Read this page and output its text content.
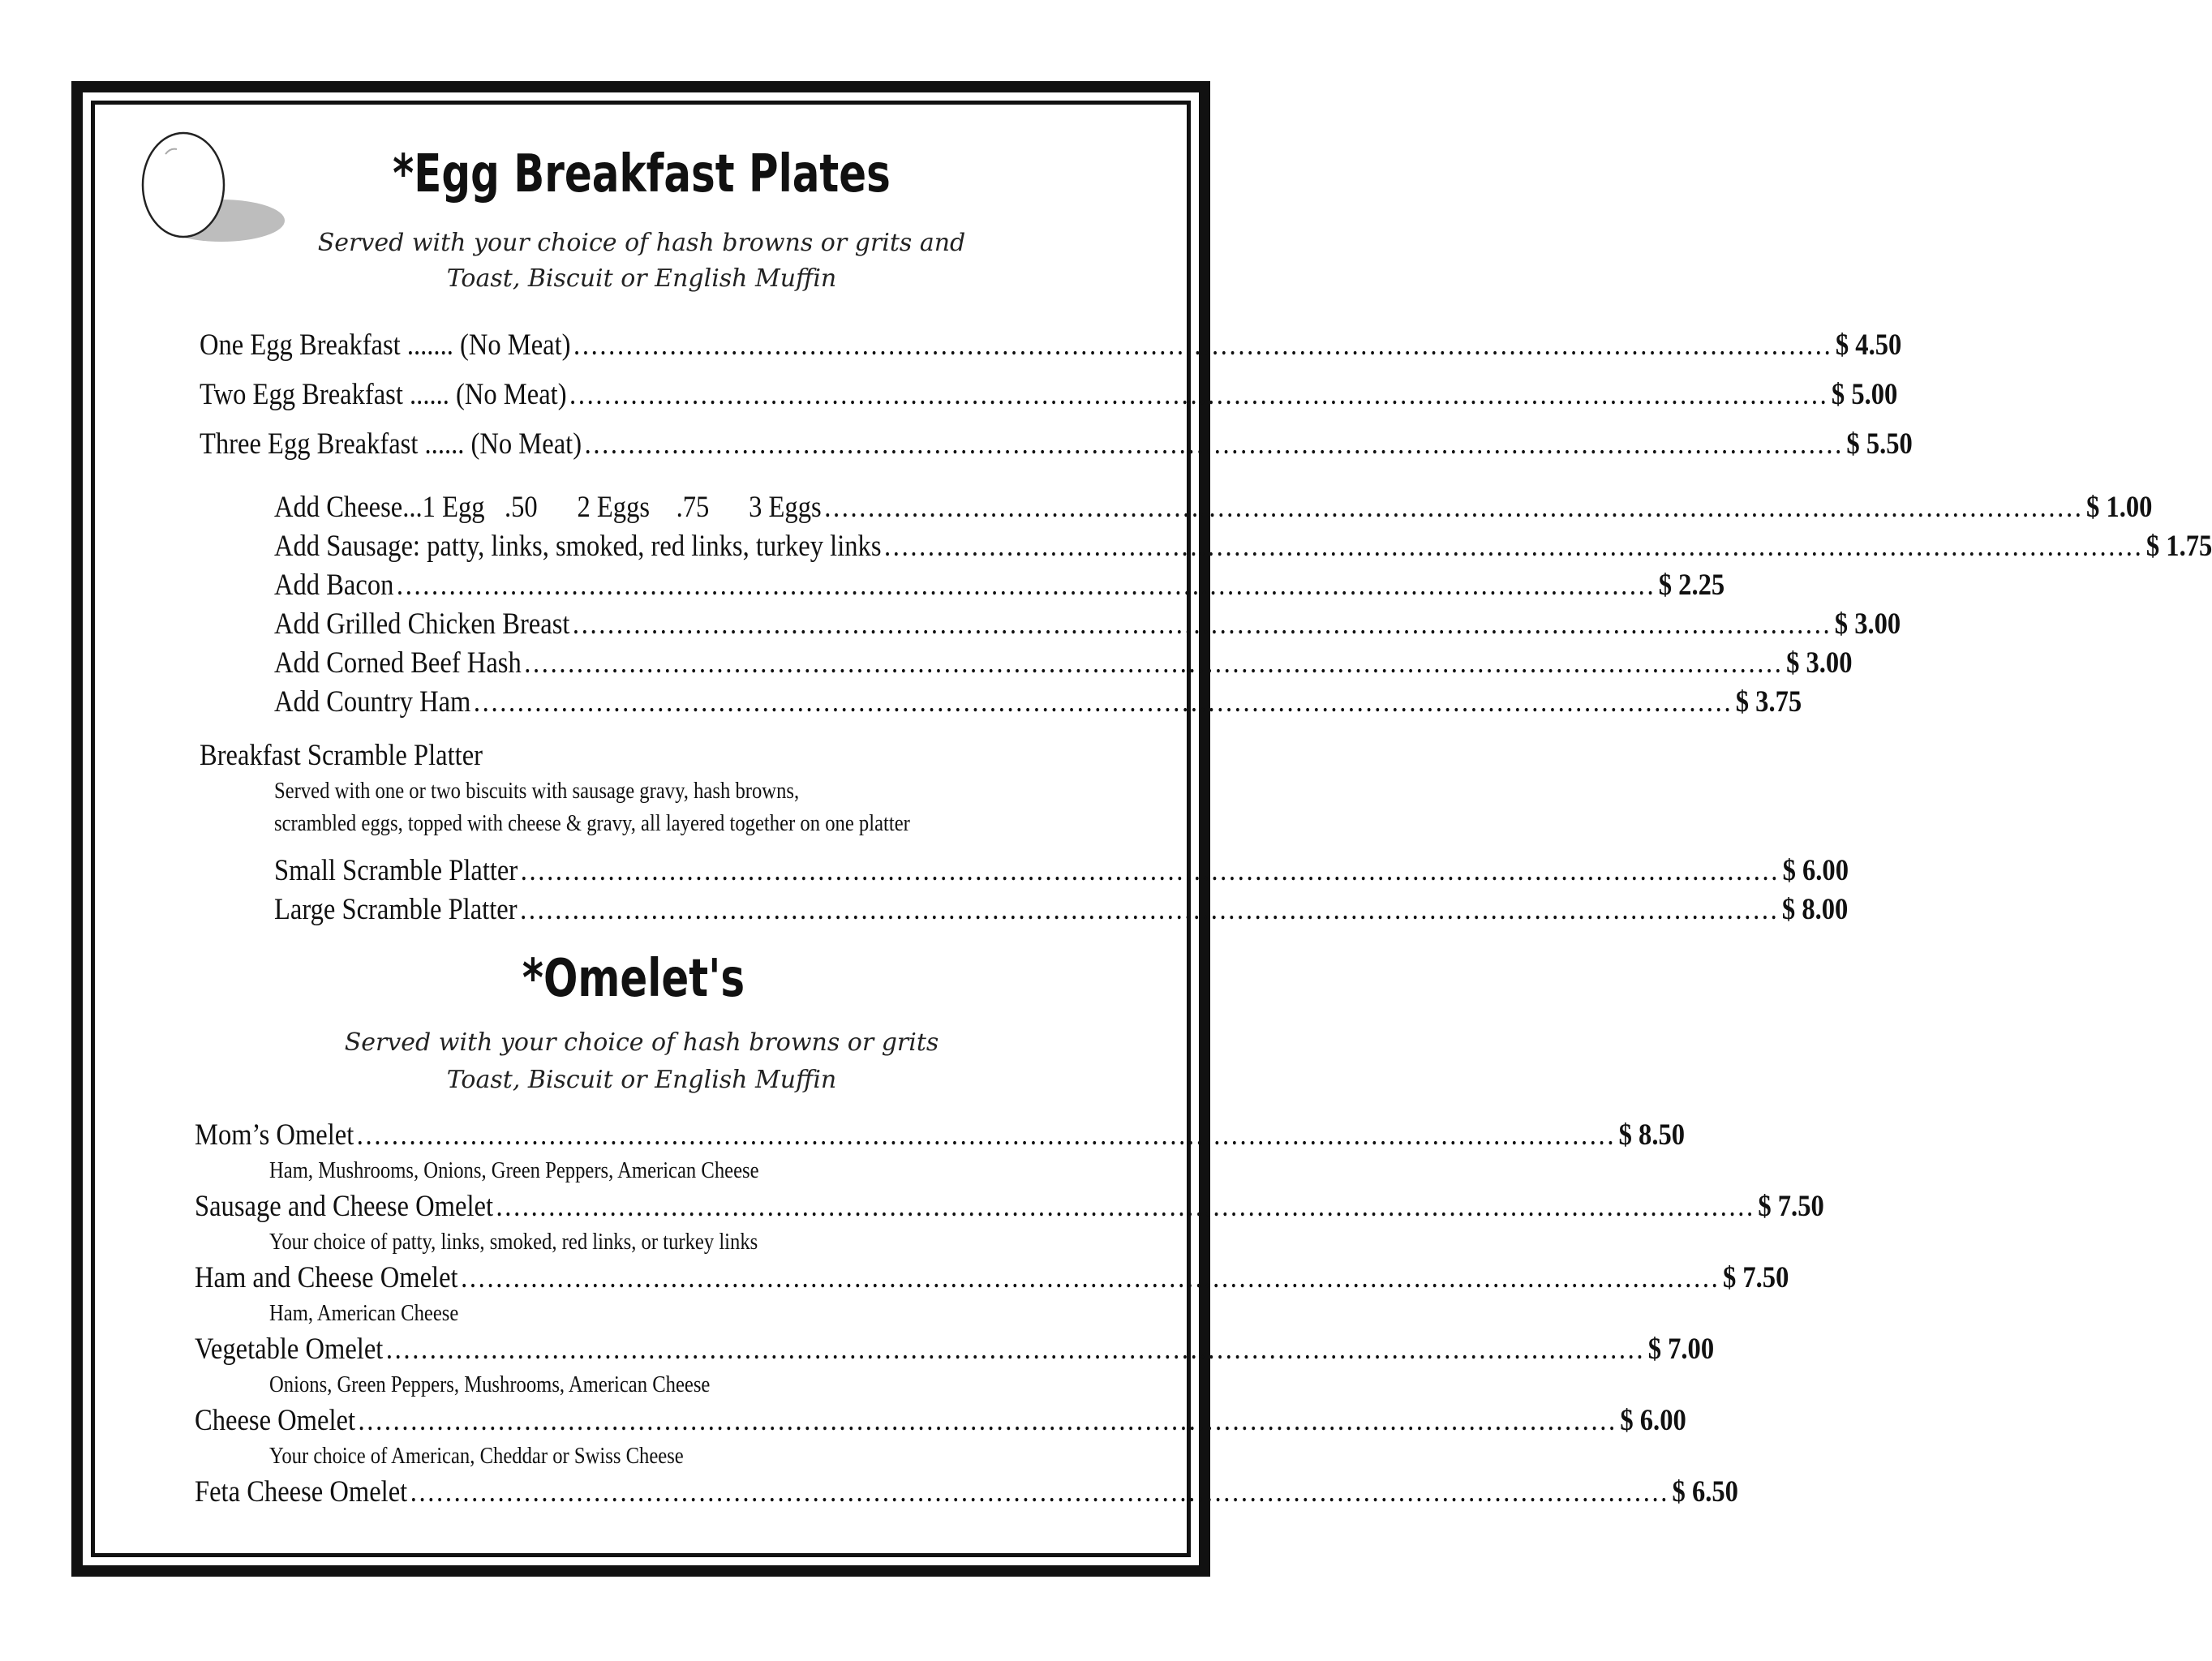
*Egg Breakfast Plates
Served with your choice of hash browns or grits and
Toast, Biscuit or English Muffin
One Egg Breakfast ....... (No Meat) ................................................................................................................................................ $ 4.50
Two Egg Breakfast ...... (No Meat) ................................................................................................................................................ $ 5.00
Three Egg Breakfast ...... (No Meat) ................................................................................................................................................ $ 5.50
Add Cheese...1 Egg   .50      2 Eggs    .75      3 Eggs ................................................................................................................................................ $ 1.00
Add Sausage: patty, links, smoked, red links, turkey links ................................................................................................................................................ $ 1.75
Add Bacon ................................................................................................................................................ $ 2.25
Add Grilled Chicken Breast ................................................................................................................................................ $ 3.00
Add Corned Beef Hash ................................................................................................................................................ $ 3.00
Add Country Ham ................................................................................................................................................ $ 3.75
Breakfast Scramble Platter
Served with one or two biscuits with sausage gravy, hash browns,
scrambled eggs, topped with cheese & gravy, all layered together on one platter
Small Scramble Platter ................................................................................................................................................ $ 6.00
Large Scramble Platter ................................................................................................................................................ $ 8.00
*Omelet's
Served with your choice of hash browns or grits
Toast, Biscuit or English Muffin
Mom’s Omelet ................................................................................................................................................ $ 8.50
Ham, Mushrooms, Onions, Green Peppers, American Cheese
Sausage and Cheese Omelet ................................................................................................................................................ $ 7.50
Your choice of patty, links, smoked, red links, or turkey links
Ham and Cheese Omelet ................................................................................................................................................ $ 7.50
Ham, American Cheese
Vegetable Omelet ................................................................................................................................................ $ 7.00
Onions, Green Peppers, Mushrooms, American Cheese
Cheese Omelet ................................................................................................................................................ $ 6.00
Your choice of American, Cheddar or Swiss Cheese
Feta Cheese Omelet ................................................................................................................................................ $ 6.50
